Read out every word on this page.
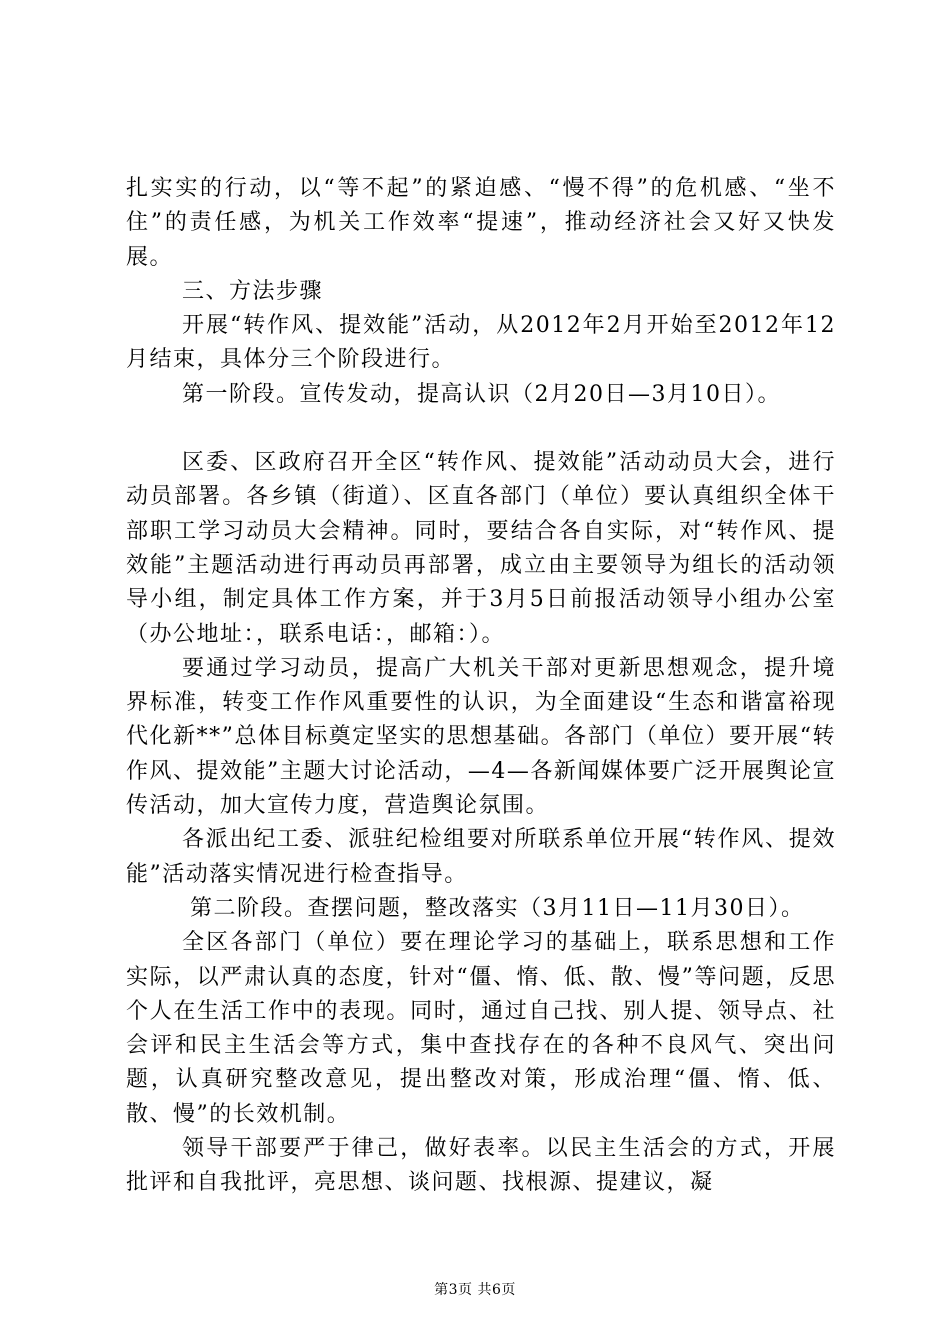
扎实实的行动，以“等不起”的紧迫感、“慢不得”的危机感、“坐不住”的责任感，为机关工作效率“提速”，推动经济社会又好又快发展。

三、方法步骤

开展“转作风、提效能”活动，从2012年2月开始至2012年12月结束，具体分三个阶段进行。

第一阶段。宣传发动，提高认识（2月20日—3月10日）。

区委、区政府召开全区“转作风、提效能”活动动员大会，进行动员部署。各乡镇（街道）、区直各部门（单位）要认真组织全体干部职工学习动员大会精神。同时，要结合各自实际，对“转作风、提效能”主题活动进行再动员再部署，成立由主要领导为组长的活动领导小组，制定具体工作方案，并于3月5日前报活动领导小组办公室（办公地址：，联系电话：，邮箱：）。

要通过学习动员，提高广大机关干部对更新思想观念，提升境界标准，转变工作作风重要性的认识，为全面建设“生态和谐富裕现代化新**”总体目标奠定坚实的思想基础。各部门（单位）要开展“转作风、提效能”主题大讨论活动，—4—各新闻媒体要广泛开展舆论宣传活动，加大宣传力度，营造舆论氛围。

各派出纪工委、派驻纪检组要对所联系单位开展“转作风、提效能”活动落实情况进行检查指导。

第二阶段。查摆问题，整改落实（3月11日—11月30日）。

全区各部门（单位）要在理论学习的基础上，联系思想和工作实际，以严肃认真的态度，针对“僵、惰、低、散、慢”等问题，反思个人在生活工作中的表现。同时，通过自己找、别人提、领导点、社会评和民主生活会等方式，集中查找存在的各种不良风气、突出问题，认真研究整改意见，提出整改对策，形成治理“僵、惰、低、散、慢”的长效机制。

领导干部要严于律己，做好表率。以民主生活会的方式，开展批评和自我批评，亮思想、谈问题、找根源、提建议，凝

第3页 共6页
